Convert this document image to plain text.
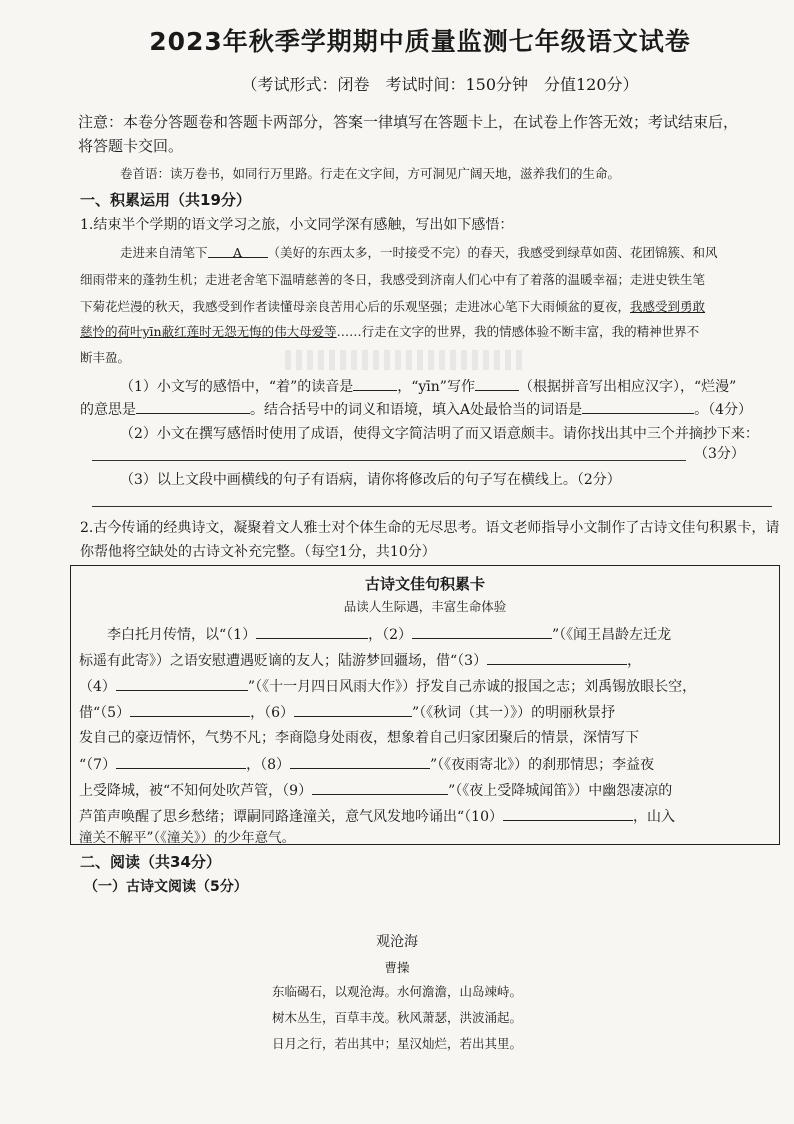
2023年秋季学期期中质量监测七年级语文试卷
（考试形式：闭卷　考试时间：150分钟　分值120分）
注意：本卷分答题卷和答题卡两部分，答案一律填写在答题卡上，在试卷上作答无效；考试结束后，
将答题卡交回。
卷首语：读万卷书，如同行万里路。行走在文字间，方可洞见广阔天地，滋养我们的生命。
一、积累运用（共19分）
1.结束半个学期的语文学习之旅，小文同学深有感触，写出如下感悟：
走进来自清笔下 A （美好的东西太多，一时接受不完）的春天，我感受到绿草如茵、花团锦簇、和风
细雨带来的蓬勃生机；走进老舍笔下温晴慈善的冬日，我感受到济南人们心中有了着落的温暖幸福；走进史铁生笔
下菊花烂漫的秋天，我感受到作者读懂母亲良苦用心后的乐观坚强；走进冰心笔下大雨倾盆的夏夜，我感受到勇敢
慈怜的荷叶yīn蔽红莲时无怨无悔的伟大母爱等……行走在文字的世界，我的情感体验不断丰富，我的精神世界不
断丰盈。
（1）小文写的感悟中，“着”的读音是	，“yīn”写作	（根据拼音写出相应汉字），“烂漫”
的意思是	。结合括号中的词义和语境，填入A处最恰当的词语是	。（4分）
（2）小文在撰写感悟时使用了成语，使得文字简洁明了而又语意颇丰。请你找出其中三个并摘抄下来：
（3分）
（3）以上文段中画横线的句子有语病，请你将修改后的句子写在横线上。（2分）
2.古今传诵的经典诗文，凝聚着文人雅士对个体生命的无尽思考。语文老师指导小文制作了古诗文佳句积累卡，请
你帮他将空缺处的古诗文补充完整。（每空1分，共10分）
古诗文佳句积累卡
品读人生际遇，丰富生命体验
李白托月传情，以“（1）	，（2）	”（《闻王昌龄左迁龙
标遥有此寄》）之语安慰遭遇贬谪的友人；陆游梦回疆场，借“（3）	，
（4）	”（《十一月四日风雨大作》）抒发自己赤诚的报国之志；刘禹锡放眼长空，
借“（5）	，（6）	”（《秋词（其一）》）的明丽秋景抒
发自己的豪迈情怀，气势不凡；李商隐身处雨夜，想象着自己归家团聚后的情景，深情写下
“（7）	，（8）	”（《夜雨寄北》）的刹那情思；李益夜
上受降城，被“不知何处吹芦管，（9）	”（《夜上受降城闻笛》）中幽怨凄凉的
芦笛声唤醒了思乡愁绪；谭嗣同路逢潼关，意气风发地吟诵出“（10）	，山入
潼关不解平”（《潼关》）的少年意气。
二、阅读（共34分）
（一）古诗文阅读（5分）
观沧海
曹操
东临碣石，以观沧海。水何澹澹，山岛竦峙。
树木丛生，百草丰茂。秋风萧瑟，洪波涌起。
日月之行，若出其中；星汉灿烂，若出其里。
